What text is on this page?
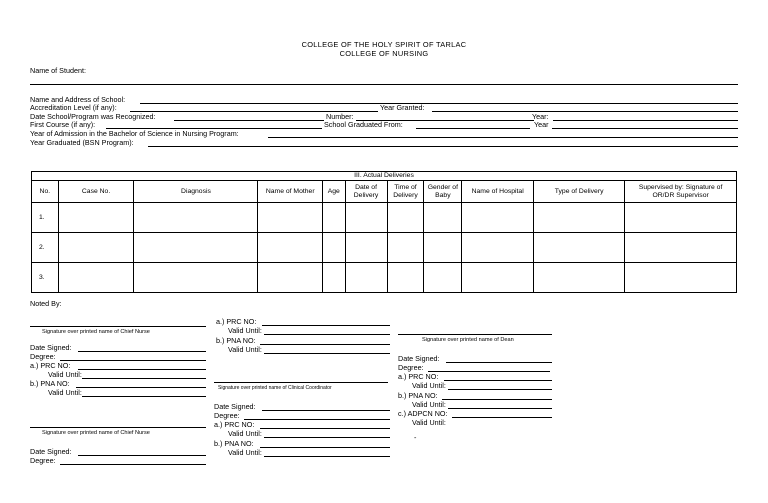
COLLEGE OF THE HOLY SPIRIT OF TARLAC
COLLEGE OF NURSING
Name of Student:
Name and Address of School:
Accreditation Level (if any):	Year Granted:
Date School/Program was Recognized:	Number:	Year:
First Course (if any):	School Graduated From:	Year
Year of Admission in the Bachelor of Science in Nursing Program:
Year Graduated (BSN Program):
III. Actual Deliveries										
No.	Case No.	Diagnosis	Name of Mother	Age	Date of Delivery	Time of Delivery	Gender of Baby	Name of Hospital	Type of Delivery	Supervised by: Signature of OR/DR Supervisor
1.										
2.										
3.										
Noted By:
Signature over printed name of Chief Nurse
Date Signed:
Degree:
a.) PRC NO:
Valid Until:
b.) PNA NO:
Valid Until:
Signature over printed name of Chief Nurse
Date Signed:
Degree:
a.) PRC NO:
Valid Until:
b.) PNA NO:
Valid Until:
Signature over printed name of Clinical Coordinator
Date Signed:
Degree:
a.) PRC NO:
Valid Until:
b.) PNA NO:
Valid Until:
Signature over printed name of Dean
Date Signed:
Degree:
a.) PRC NO:
Valid Until:
b.) PNA NO:
Valid Until:
c.) ADPCN NO:
Valid Until:
-
